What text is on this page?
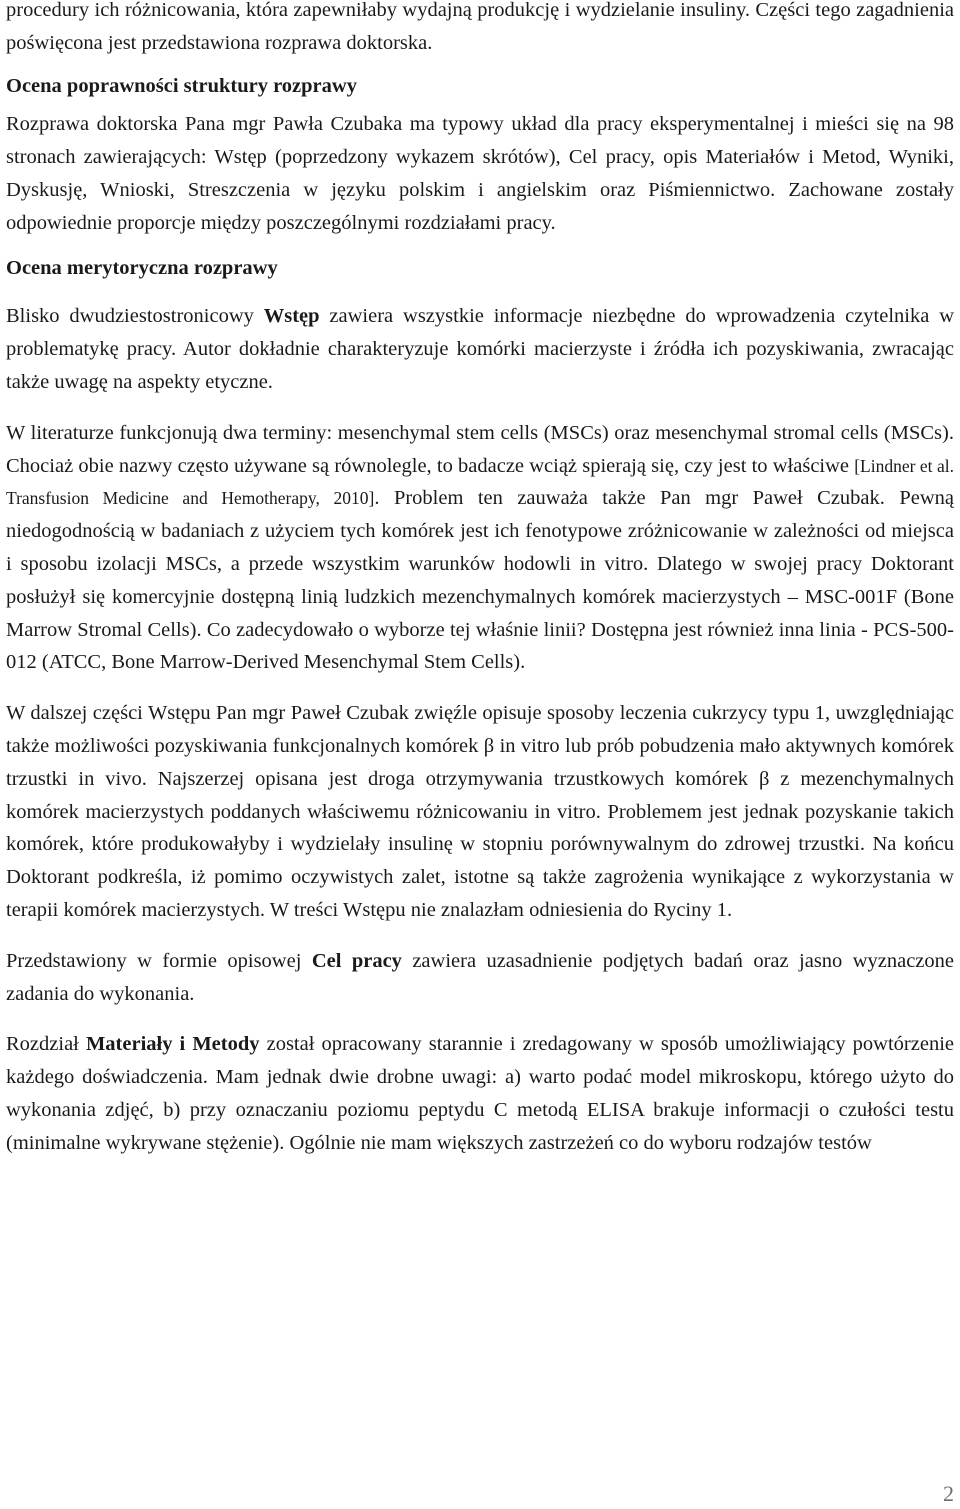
procedury ich różnicowania, która zapewniłaby wydajną produkcję i wydzielanie insuliny. Części tego zagadnienia poświęcona jest przedstawiona rozprawa doktorska.

Ocena poprawności struktury rozprawy

Rozprawa doktorska Pana mgr Pawła Czubaka ma typowy układ dla pracy eksperymentalnej i mieści się na 98 stronach zawierających: Wstęp (poprzedzony wykazem skrótów), Cel pracy, opis Materiałów i Metod, Wyniki, Dyskusję, Wnioski, Streszczenia w języku polskim i angielskim oraz Piśmiennictwo. Zachowane zostały odpowiednie proporcje między poszczególnymi rozdziałami pracy.

Ocena merytoryczna rozprawy

Blisko dwudziestostronicowy Wstęp zawiera wszystkie informacje niezbędne do wprowadzenia czytelnika w problematykę pracy. Autor dokładnie charakteryzuje komórki macierzyste i źródła ich pozyskiwania, zwracając także uwagę na aspekty etyczne.

W literaturze funkcjonują dwa terminy: mesenchymal stem cells (MSCs) oraz mesenchymal stromal cells (MSCs). Chociaż obie nazwy często używane są równolegle, to badacze wciąż spierają się, czy jest to właściwe [Lindner et al. Transfusion Medicine and Hemotherapy, 2010]. Problem ten zauważa także Pan mgr Paweł Czubak. Pewną niedogodnością w badaniach z użyciem tych komórek jest ich fenotypowe zróżnicowanie w zależności od miejsca i sposobu izolacji MSCs, a przede wszystkim warunków hodowli in vitro. Dlatego w swojej pracy Doktorant posłużył się komercyjnie dostępną linią ludzkich mezenchymalnych komórek macierzystych – MSC-001F (Bone Marrow Stromal Cells). Co zadecydowało o wyborze tej właśnie linii? Dostępna jest również inna linia - PCS-500-012 (ATCC, Bone Marrow-Derived Mesenchymal Stem Cells).

W dalszej części Wstępu Pan mgr Paweł Czubak zwięźle opisuje sposoby leczenia cukrzycy typu 1, uwzględniając także możliwości pozyskiwania funkcjonalnych komórek β in vitro lub prób pobudzenia mało aktywnych komórek trzustki in vivo. Najszerzej opisana jest droga otrzymywania trzustkowych komórek β z mezenchymalnych komórek macierzystych poddanych właściwemu różnicowaniu in vitro. Problemem jest jednak pozyskanie takich komórek, które produkowałyby i wydzielały insulinę w stopniu porównywalnym do zdrowej trzustki. Na końcu Doktorant podkreśla, iż pomimo oczywistych zalet, istotne są także zagrożenia wynikające z wykorzystania w terapii komórek macierzystych. W treści Wstępu nie znalazłam odniesienia do Ryciny 1.

Przedstawiony w formie opisowej Cel pracy zawiera uzasadnienie podjętych badań oraz jasno wyznaczone zadania do wykonania.

Rozdział Materiały i Metody został opracowany starannie i zredagowany w sposób umożliwiający powtórzenie każdego doświadczenia. Mam jednak dwie drobne uwagi: a) warto podać model mikroskopu, którego użyto do wykonania zdjęć, b) przy oznaczaniu poziomu peptydu C metodą ELISA brakuje informacji o czułości testu (minimalne wykrywane stężenie). Ogólnie nie mam większych zastrzeżeń co do wyboru rodzajów testów

2
